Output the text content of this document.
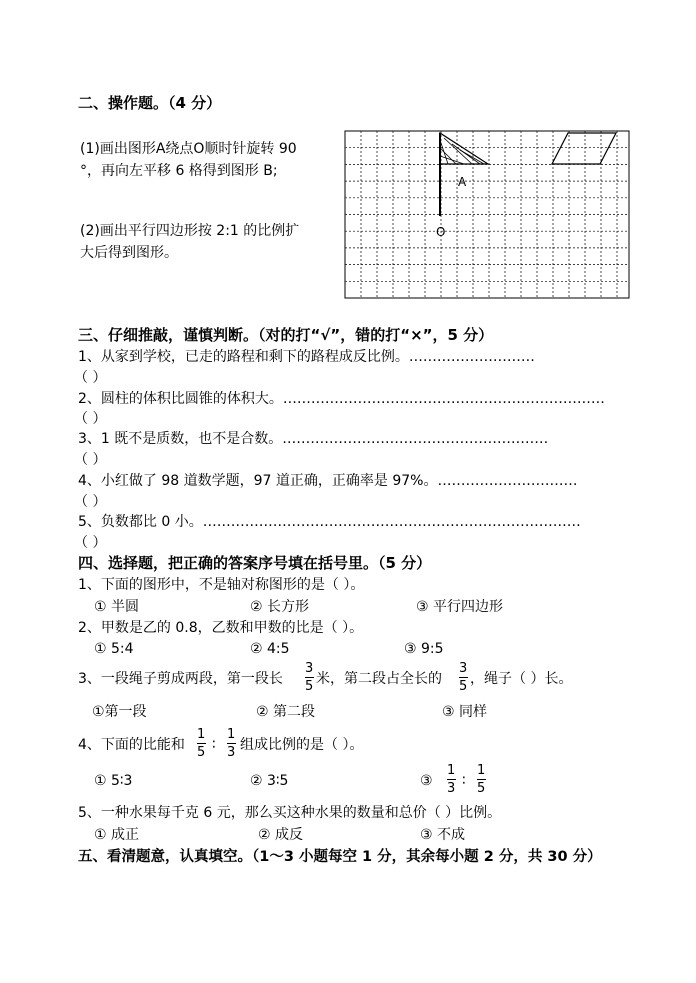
二、操作题。（4 分）
(1)画出图形A绕点O顺时针旋转 90
°，再向左平移 6 格得到图形 B;
(2)画出平行四边形按 2:1 的比例扩
大后得到图形。
A
O
三、仔细推敲，谨慎判断。（对的打“√”，错的打“×”，5 分）
1、从家到学校，已走的路程和剩下的路程成反比例。………………………
（ ）
2、圆柱的体积比圆锥的体积大。……………………………………………………………
（ ）
3、1 既不是质数，也不是合数。…………………………………………………
（ ）
4、小红做了 98 道数学题，97 道正确，正确率是 97%。…………………………
（ ）
5、负数都比 0 小。………………………………………………………………………
（ ）
四、选择题，把正确的答案序号填在括号里。（5 分）
1、下面的图形中，不是轴对称图形的是（ ）。
① 半圆	② 长方形	③ 平行四边形
2、甲数是乙的 0.8，乙数和甲数的比是（ ）。
① 5:4	② 4:5	③ 9:5
3、一段绳子剪成两段，第一段长
3
5 米，第二段占全长的
3
5 ，绳子（ ）长。
①第一段	② 第二段	③ 同样
4、下面的比能和
1
5 ∶
1
3 组成比例的是（ ）。
① 5∶3	② 3∶5	③
1
3 ∶
1
5
5、一种水果每千克 6 元，那么买这种水果的数量和总价（ ）比例。
① 成正	② 成反	③ 不成
五、看清题意，认真填空。（1～3 小题每空 1 分，其余每小题 2 分，共 30 分）
